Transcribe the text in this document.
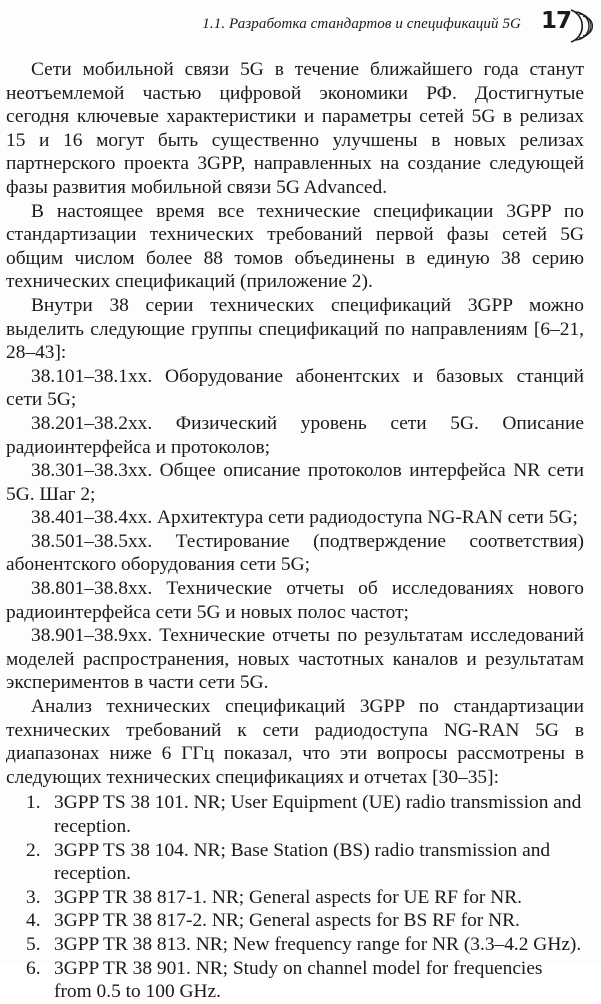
1.1. Разработка стандартов и спецификаций 5G 17

Сети мобильной связи 5G в течение ближайшего года станут неотъемлемой частью цифровой экономики РФ. Достигнутые сегодня ключевые характеристики и параметры сетей 5G в релизах 15 и 16 могут быть существенно улучшены в новых релизах партнерского проекта 3GPP, направленных на создание следующей фазы развития мобильной связи 5G Advanced.

В настоящее время все технические спецификации 3GPP по стандартизации технических требований первой фазы сетей 5G общим числом более 88 томов объединены в единую 38 серию технических спецификаций (приложение 2).

Внутри 38 серии технических спецификаций 3GPP можно выделить следующие группы спецификаций по направлениям [6–21, 28–43]:

38.101–38.1xx. Оборудование абонентских и базовых станций сети 5G;

38.201–38.2xx. Физический уровень сети 5G. Описание радиоинтерфейса и протоколов;

38.301–38.3xx. Общее описание протоколов интерфейса NR сети 5G. Шаг 2;

38.401–38.4xx. Архитектура сети радиодоступа NG-RAN сети 5G;

38.501–38.5xx. Тестирование (подтверждение соответствия) абонентского оборудования сети 5G;

38.801–38.8xx. Технические отчеты об исследованиях нового радиоинтерфейса сети 5G и новых полос частот;

38.901–38.9xx. Технические отчеты по результатам исследований моделей распространения, новых частотных каналов и результатам экспериментов в части сети 5G.

Анализ технических спецификаций 3GPP по стандартизации технических требований к сети радиодоступа NG-RAN 5G в диапазонах ниже 6 ГГц показал, что эти вопросы рассмотрены в следующих технических спецификациях и отчетах [30–35]:

1. 3GPP TS 38 101. NR; User Equipment (UE) radio transmission and reception.
2. 3GPP TS 38 104. NR; Base Station (BS) radio transmission and reception.
3. 3GPP TR 38 817-1. NR; General aspects for UE RF for NR.
4. 3GPP TR 38 817-2. NR; General aspects for BS RF for NR.
5. 3GPP TR 38 813. NR; New frequency range for NR (3.3–4.2 GHz).
6. 3GPP TR 38 901. NR; Study on channel model for frequencies from 0.5 to 100 GHz.
